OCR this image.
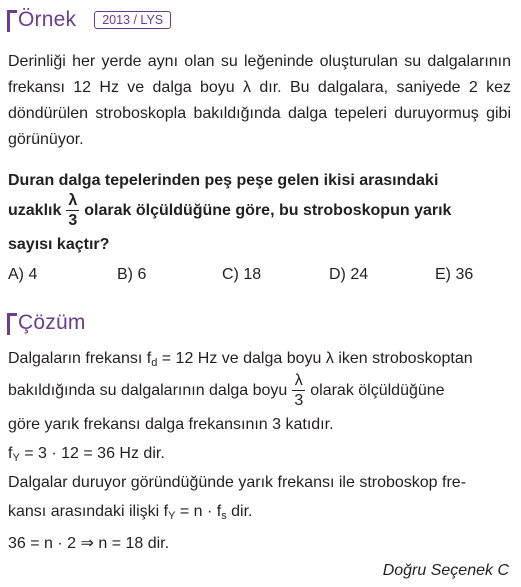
Örnek	2013 / LYS
Derinliği her yerde aynı olan su leğeninde oluşturulan su dalgalarının frekansı 12 Hz ve dalga boyu λ dır. Bu dalgalara, saniyede 2 kez döndürülen stroboskopla bakıldığında dalga tepeleri duruyormuş gibi görünüyor.
Duran dalga tepelerinden peş peşe gelen ikisi arasındaki
uzaklık $\frac{\lambda}{3}$ olarak ölçüldüğüne göre, bu stroboskopun yarık
sayısı kaçtır?
A) 4	B) 6	C) 18	D) 24	E) 36
Çözüm
Dalgaların frekansı $f_d = 12$ Hz ve dalga boyu λ iken stroboskoptan
bakıldığında su dalgalarının dalga boyu $\frac{\lambda}{3}$ olarak ölçüldüğüne
göre yarık frekansı dalga frekansının 3 katıdır.
$f_Y = 3 \cdot 12 = 36$ Hz dir.
Dalgalar duruyor göründüğünde yarık frekansı ile stroboskop fre-
kansı arasındaki ilişki $f_Y = n \cdot f_s$ dir.
36 = n · 2 ⇒ n = 18 dir.
Doğru Seçenek C
